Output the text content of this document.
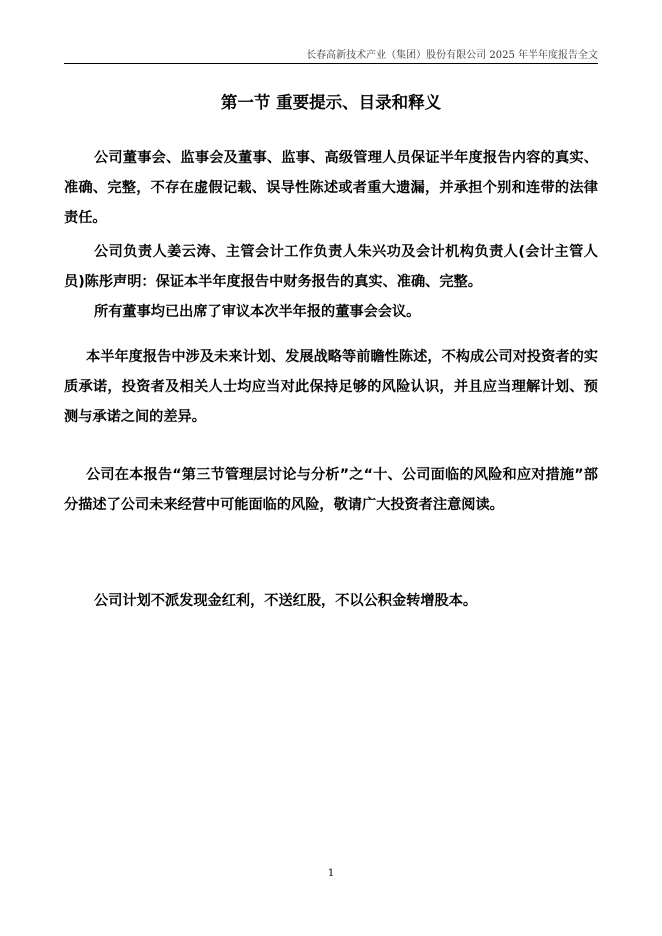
长春高新技术产业（集团）股份有限公司 2025 年半年度报告全文
第一节 重要提示、目录和释义

公司董事会、监事会及董事、监事、高级管理人员保证半年度报告内容的真实、准确、完整，不存在虚假记载、误导性陈述或者重大遗漏，并承担个别和连带的法律责任。

公司负责人姜云涛、主管会计工作负责人朱兴功及会计机构负责人(会计主管人员)陈彤声明：保证本半年度报告中财务报告的真实、准确、完整。

所有董事均已出席了审议本次半年报的董事会会议。

本半年度报告中涉及未来计划、发展战略等前瞻性陈述，不构成公司对投资者的实质承诺，投资者及相关人士均应当对此保持足够的风险认识，并且应当理解计划、预测与承诺之间的差异。

公司在本报告“第三节管理层讨论与分析”之“十、公司面临的风险和应对措施”部分描述了公司未来经营中可能面临的风险，敬请广大投资者注意阅读。

公司计划不派发现金红利，不送红股，不以公积金转增股本。

1
